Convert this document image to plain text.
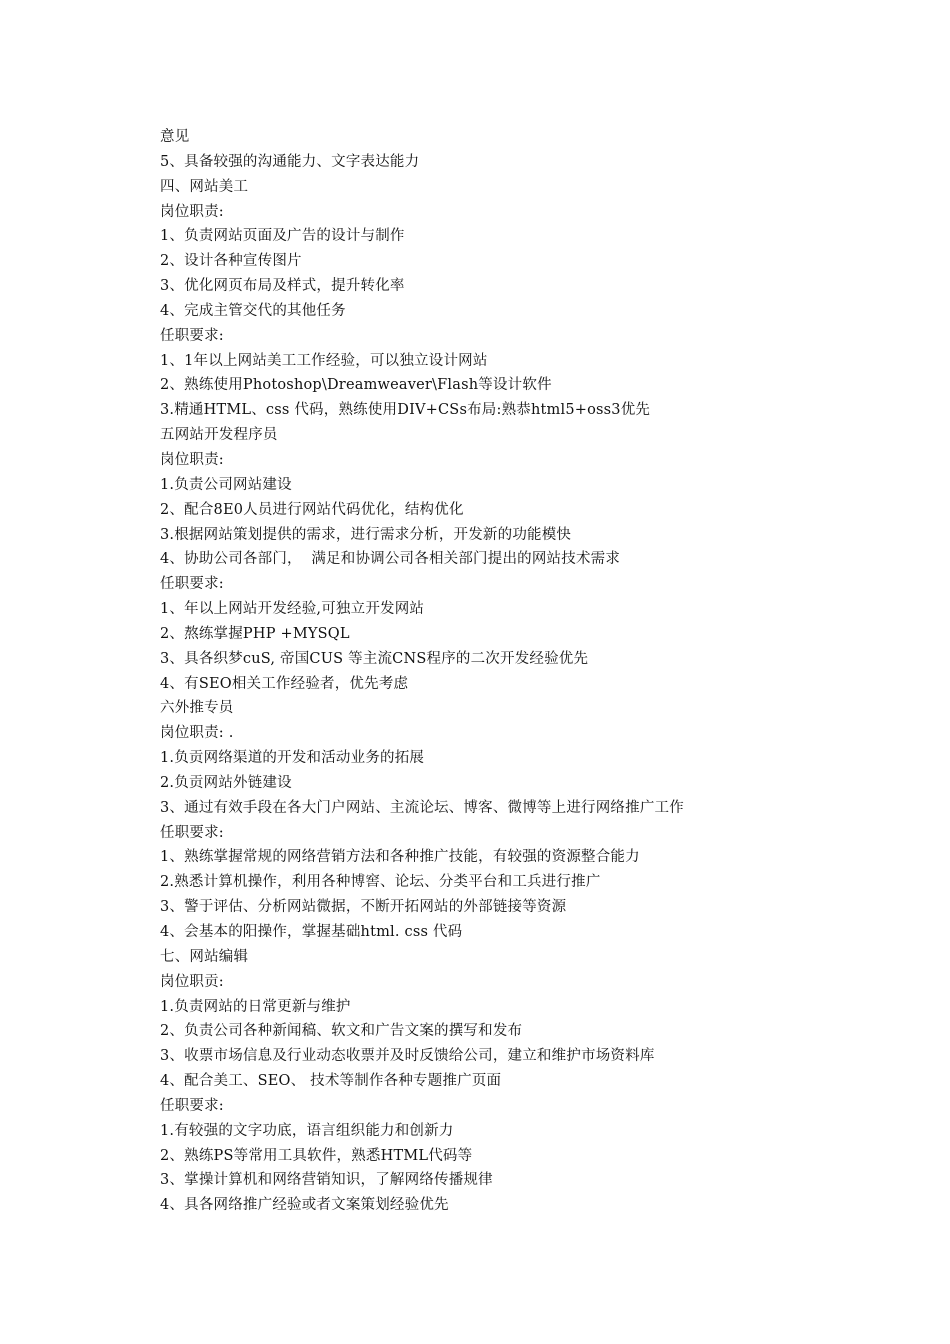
意见
5、具备较强的沟通能力、文字表达能力
四、网站美工
岗位职责:
1、负责网站页面及广告的设计与制作
2、设计各种宣传图片
3、优化网页布局及样式，提升转化率
4、完成主管交代的其他任务
任职要求:
1、1年以上网站美工工作经验，可以独立设计网站
2、熟练使用Photoshop\Dreamweaver\Flash等设计软件
3.精通HTML、css 代码，熟练使用DIV+CSs布局:熟恭html5+oss3优先
五网站开发程序员
岗位职责:
1.负责公司网站建设
2、配合8E0人员进行网站代码优化，结构优化
3.根据网站策划提供的需求，进行需求分析，开发新的功能模快
4、协助公司各部门，  满足和协调公司各相关部门提出的网站技术需求
任职要求:
1、年以上网站开发经验,可独立开发网站
2、熬练掌握PHP +MYSQL
3、具各织梦cuS, 帝国CUS 等主流CNS程序的二次开发经验优先
4、有SEO相关工作经验者，优先考虑
六外推专员
岗位职责: .
1.负贡网络渠道的开发和活动业务的拓展
2.负贡网站外链建设
3、通过有效手段在各大门户网站、主流论坛、博客、微博等上进行网络推广工作
任职要求:
1、熟练掌握常规的网络营销方法和各种推广技能，有较强的资源整合能力
2.熟悉计算机操作，利用各种博窖、论坛、分类平台和工兵进行推广
3、警于评估、分析网站微据，不断开拓网站的外部链接等资源
4、会基本的阳操作，掌握基础html. css 代码
七、网站编辑
岗位职贡:
1.负责网站的日常更新与维护
2、负责公司各种新闻稿、软文和广告文案的撰写和发布
3、收票市场信息及行业动态收票并及时反馈给公司，建立和维护市场资料库
4、配合美工、SEO、 技术等制作各种专题推广页面
任职要求:
1.有较强的文字功底，语言组织能力和创新力
2、熟练PS等常用工具软件，熟悉HTML代码等
3、掌操计算机和网络营销知识，了解网络传播规律
4、具各网络推广经验或者文案策划经验优先
